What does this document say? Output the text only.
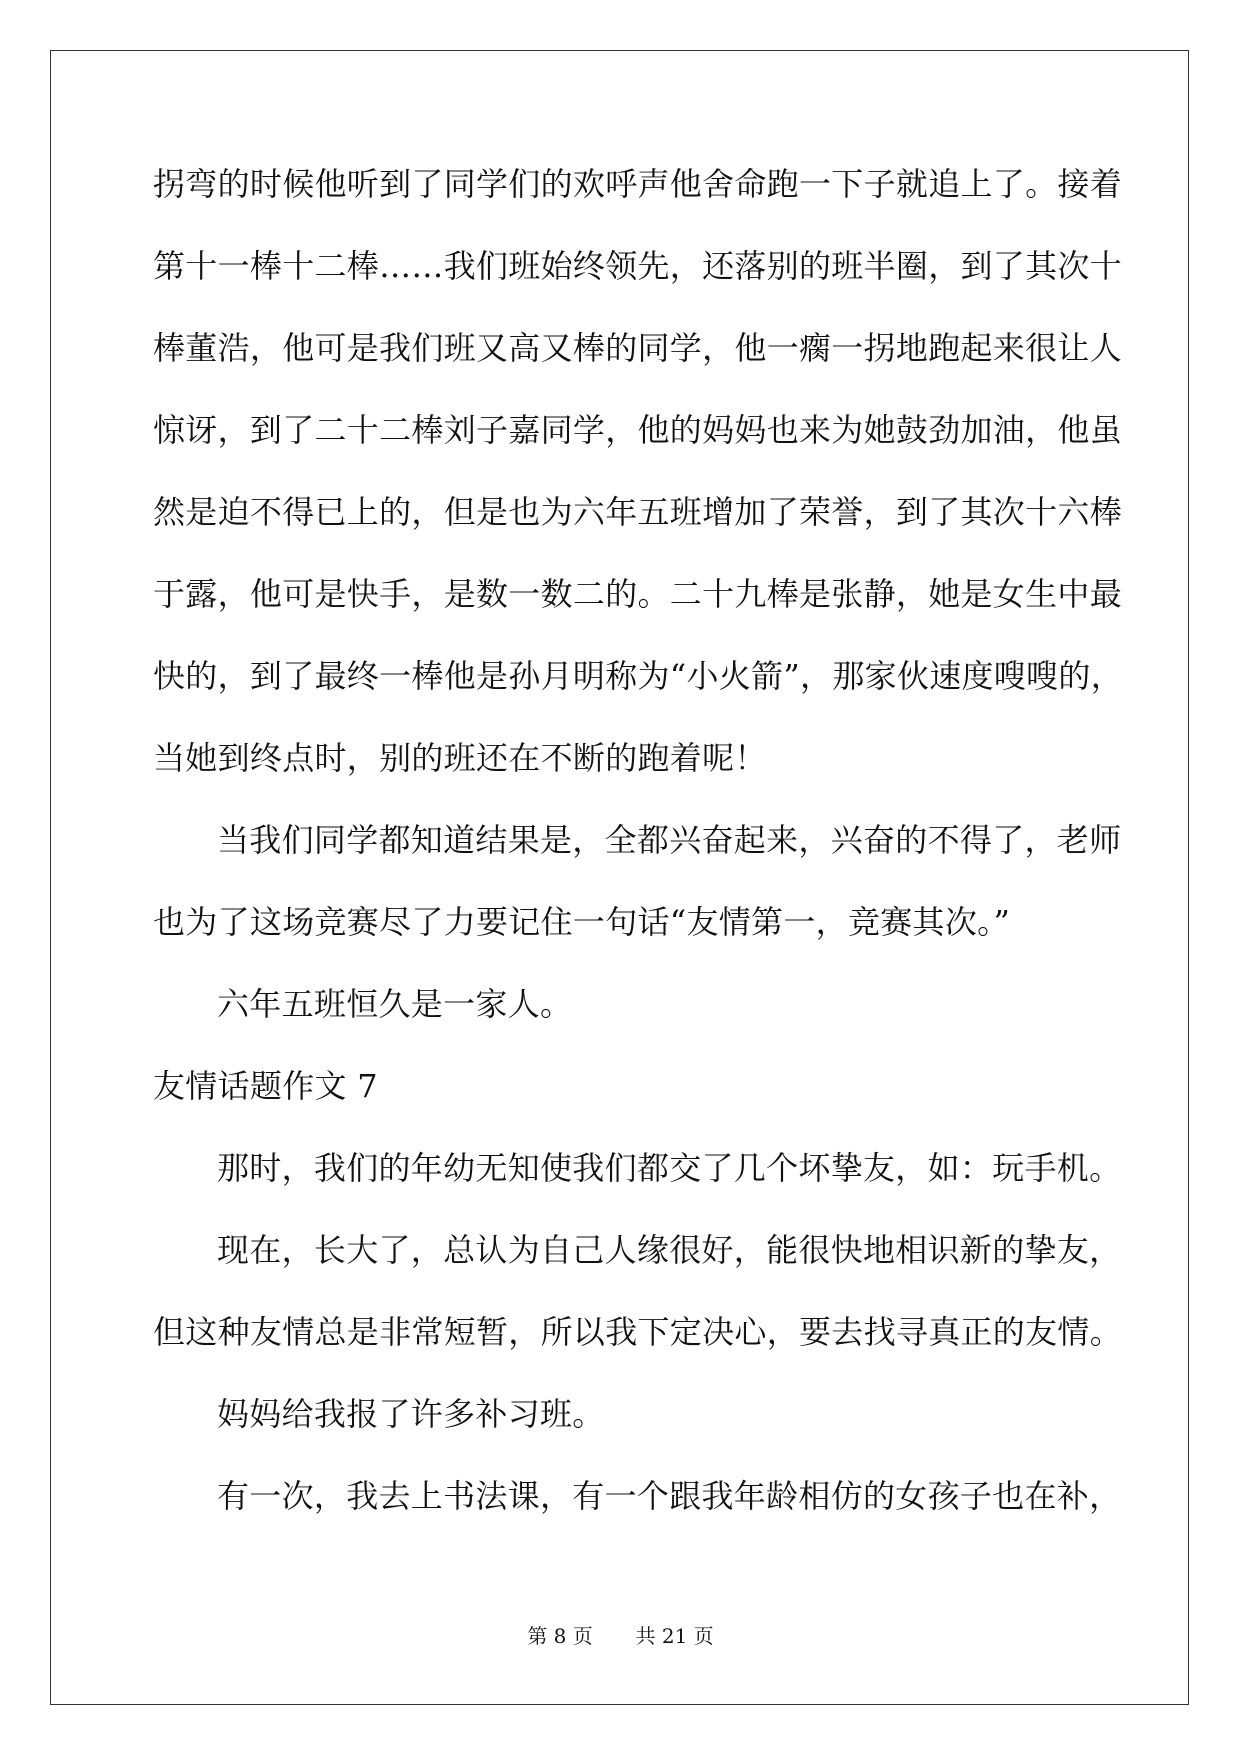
拐弯的时候他听到了同学们的欢呼声他舍命跑一下子就追上了。接着
第十一棒十二棒……我们班始终领先，还落别的班半圈，到了其次十
棒董浩，他可是我们班又高又棒的同学，他一瘸一拐地跑起来很让人
惊讶，到了二十二棒刘子嘉同学，他的妈妈也来为她鼓劲加油，他虽
然是迫不得已上的，但是也为六年五班增加了荣誉，到了其次十六棒
于露，他可是快手，是数一数二的。二十九棒是张静，她是女生中最
快的，到了最终一棒他是孙月明称为“小火箭”，那家伙速度嗖嗖的，
当她到终点时，别的班还在不断的跑着呢！
当我们同学都知道结果是，全都兴奋起来，兴奋的不得了，老师
也为了这场竞赛尽了力要记住一句话“友情第一，竞赛其次。”
六年五班恒久是一家人。
友情话题作文 7
那时，我们的年幼无知使我们都交了几个坏挚友，如：玩手机。
现在，长大了，总认为自己人缘很好，能很快地相识新的挚友，
但这种友情总是非常短暂，所以我下定决心，要去找寻真正的友情。
妈妈给我报了许多补习班。
有一次，我去上书法课，有一个跟我年龄相仿的女孩子也在补，
第 8 页 共 21 页
